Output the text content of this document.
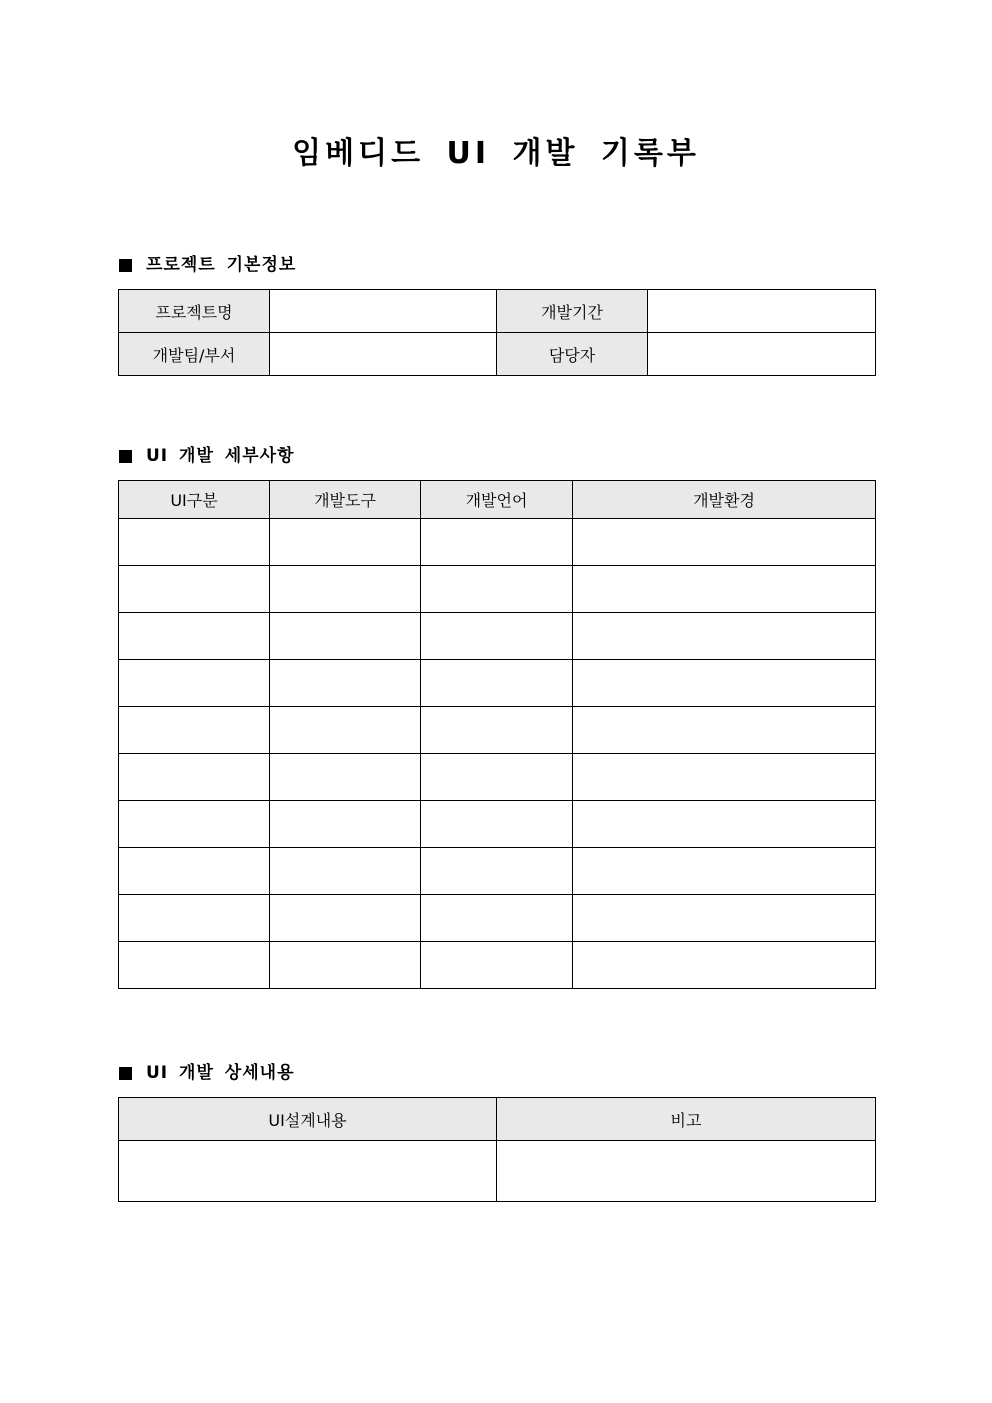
임베디드 UI 개발 기록부
프로젝트 기본정보
프로젝트명		개발기간	
개발팀/부서		담당자	
UI 개발 세부사항
UI구분	개발도구	개발언어	개발환경

UI 개발 상세내용
UI설계내용	비고
